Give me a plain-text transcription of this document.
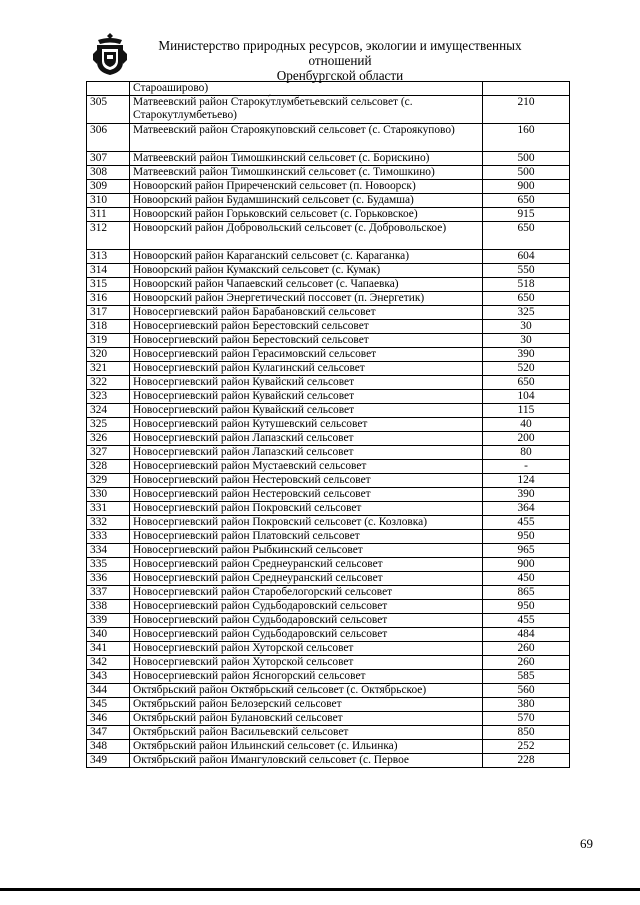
Министерство природных ресурсов, экологии и имущественных отношений
Оренбургской области
	Староаширово)	
305	Матвеевский район Староку́тлумбетьевский сельсовет (с. Старокутлумбетьево)	210
306	Матвеевский район Староякуповский сельсовет (с. Староякупово)	160
307	Матвеевский район Тимошкинский сельсовет (с. Борискино)	500
308	Матвеевский район Тимошкинский сельсовет (с. Тимошкино)	500
309	Новоорский район Приреченский сельсовет (п. Новоорск)	900
310	Новоорский район Будамшинский сельсовет (с. Будамша)	650
311	Новоорский район Горьковский сельсовет (с. Горьковское)	915
312	Новоорский район Добровольский сельсовет (с. Добровольское)	650
313	Новоорский район Караганский сельсовет (с. Караганка)	604
314	Новоорский район Кумакский сельсовет (с. Кумак)	550
315	Новоорский район Чапаевский сельсовет (с. Чапаевка)	518
316	Новоорский район Энергетический поссовет (п. Энергетик)	650
317	Новосергиевский район Барабановский сельсовет	325
318	Новосергиевский район Берестовский сельсовет	30
319	Новосергиевский район Берестовский сельсовет	30
320	Новосергиевский район Герасимовский сельсовет	390
321	Новосергиевский район Кулагинский сельсовет	520
322	Новосергиевский район Кувайский сельсовет	650
323	Новосергиевский район Кувайский сельсовет	104
324	Новосергиевский район Кувайский сельсовет	115
325	Новосергиевский район Кутушевский сельсовет	40
326	Новосергиевский район Лапазский сельсовет	200
327	Новосергиевский район Лапазский сельсовет	80
328	Новосергиевский район Мустаевский сельсовет	-
329	Новосергиевский район Нестеровский сельсовет	124
330	Новосергиевский район Нестеровский сельсовет	390
331	Новосергиевский район Покровский сельсовет	364
332	Новосергиевский район Покровский сельсовет (с. Козловка)	455
333	Новосергиевский район Платовский сельсовет	950
334	Новосергиевский район Рыбкинский сельсовет	965
335	Новосергиевский район Среднеуранский сельсовет	900
336	Новосергиевский район Среднеуранский сельсовет	450
337	Новосергиевский район Старобелогорский сельсовет	865
338	Новосергиевский район Судьбодаровский сельсовет	950
339	Новосергиевский район Судьбодаровский сельсовет	455
340	Новосергиевский район Судьбодаровский сельсовет	484
341	Новосергиевский район Хуторской сельсовет	260
342	Новосергиевский район Хуторской сельсовет	260
343	Новосергиевский район Ясногорский сельсовет	585
344	Октябрьский район Октябрьский сельсовет (с. Октябрьское)	560
345	Октябрьский район Белозерский сельсовет	380
346	Октябрьский район Булановский сельсовет	570
347	Октябрьский район Васильевский сельсовет	850
348	Октябрьский район Ильинский сельсовет (с. Ильинка)	252
349	Октябрьский район Имангуловский сельсовет (с. Первое	228
69
